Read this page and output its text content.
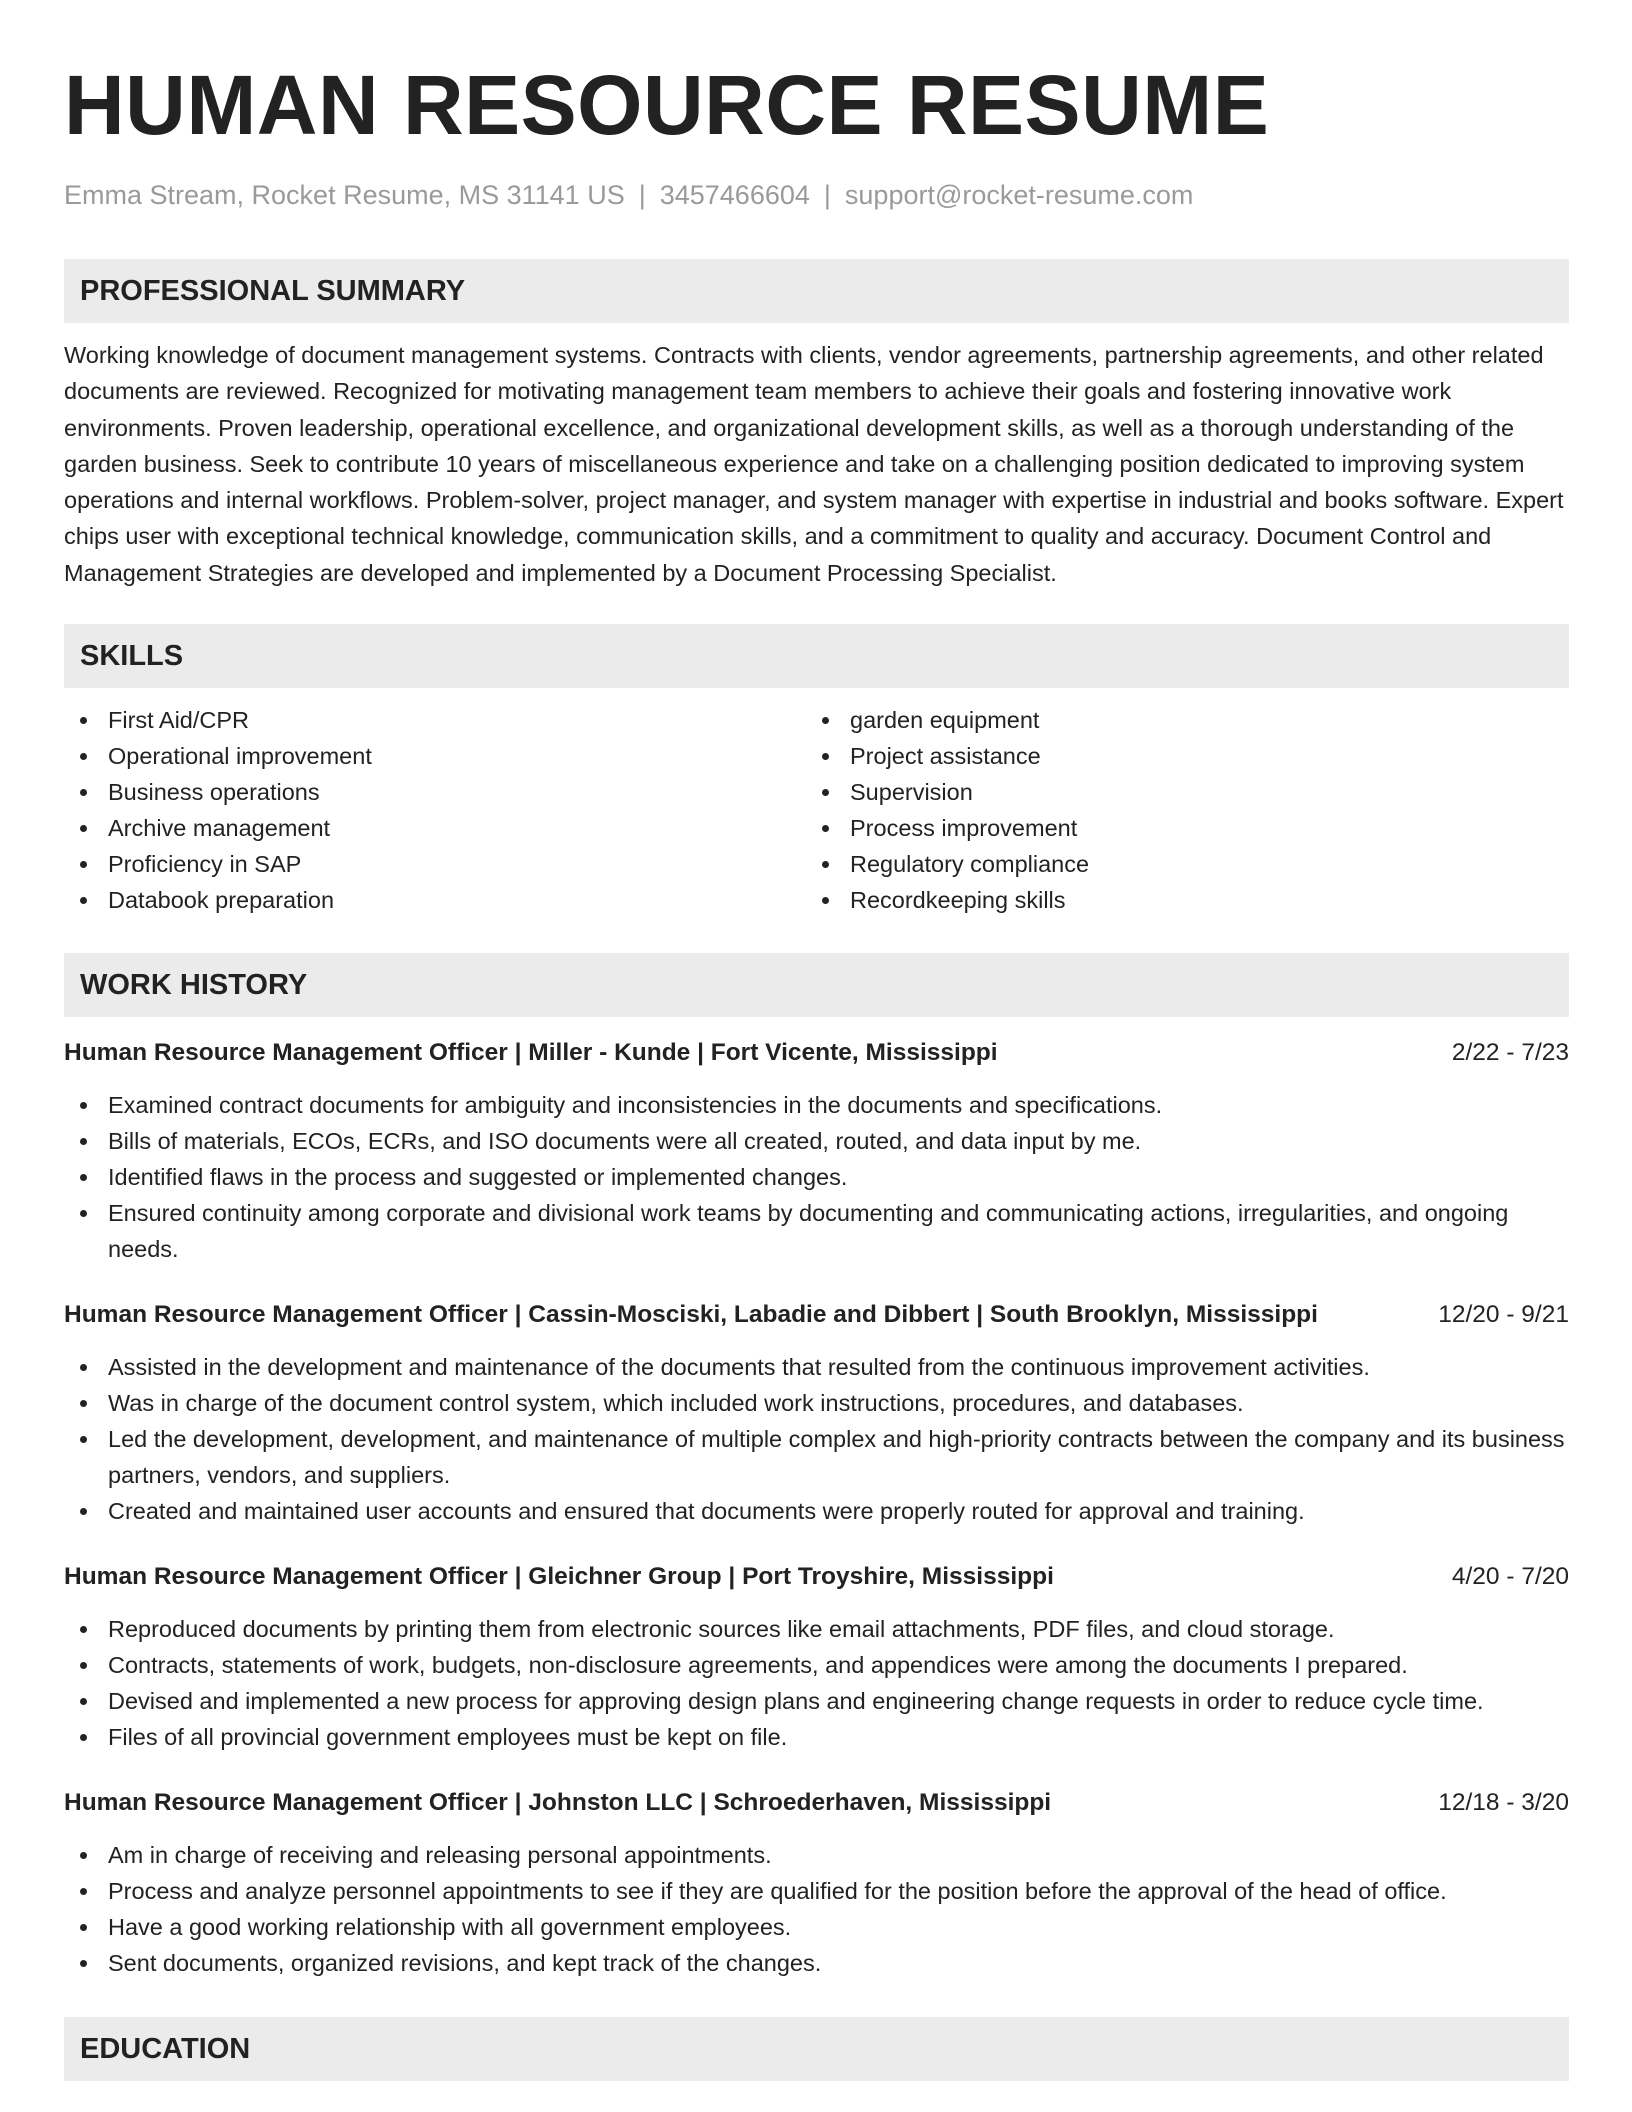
HUMAN RESOURCE RESUME
Emma Stream, Rocket Resume, MS 31141 US | 3457466604 | support@rocket-resume.com
PROFESSIONAL SUMMARY

Working knowledge of document management systems. Contracts with clients, vendor agreements, partnership agreements, and other related documents are reviewed. Recognized for motivating management team members to achieve their goals and fostering innovative work environments. Proven leadership, operational excellence, and organizational development skills, as well as a thorough understanding of the garden business. Seek to contribute 10 years of miscellaneous experience and take on a challenging position dedicated to improving system operations and internal workflows. Problem-solver, project manager, and system manager with expertise in industrial and books software. Expert chips user with exceptional technical knowledge, communication skills, and a commitment to quality and accuracy. Document Control and Management Strategies are developed and implemented by a Document Processing Specialist.

SKILLS
First Aid/CPR
Operational improvement
Business operations
Archive management
Proficiency in SAP
Databook preparation
garden equipment
Project assistance
Supervision
Process improvement
Regulatory compliance
Recordkeeping skills
WORK HISTORY
Human Resource Management Officer | Miller - Kunde | Fort Vicente, Mississippi	2/22 - 7/23
Examined contract documents for ambiguity and inconsistencies in the documents and specifications.
Bills of materials, ECOs, ECRs, and ISO documents were all created, routed, and data input by me.
Identified flaws in the process and suggested or implemented changes.
Ensured continuity among corporate and divisional work teams by documenting and communicating actions, irregularities, and ongoing needs.
Human Resource Management Officer | Cassin-Mosciski, Labadie and Dibbert | South Brooklyn, Mississippi	12/20 - 9/21
Assisted in the development and maintenance of the documents that resulted from the continuous improvement activities.
Was in charge of the document control system, which included work instructions, procedures, and databases.
Led the development, development, and maintenance of multiple complex and high-priority contracts between the company and its business partners, vendors, and suppliers.
Created and maintained user accounts and ensured that documents were properly routed for approval and training.
Human Resource Management Officer | Gleichner Group | Port Troyshire, Mississippi	4/20 - 7/20
Reproduced documents by printing them from electronic sources like email attachments, PDF files, and cloud storage.
Contracts, statements of work, budgets, non-disclosure agreements, and appendices were among the documents I prepared.
Devised and implemented a new process for approving design plans and engineering change requests in order to reduce cycle time.
Files of all provincial government employees must be kept on file.
Human Resource Management Officer | Johnston LLC | Schroederhaven, Mississippi	12/18 - 3/20
Am in charge of receiving and releasing personal appointments.
Process and analyze personnel appointments to see if they are qualified for the position before the approval of the head of office.
Have a good working relationship with all government employees.
Sent documents, organized revisions, and kept track of the changes.
EDUCATION
